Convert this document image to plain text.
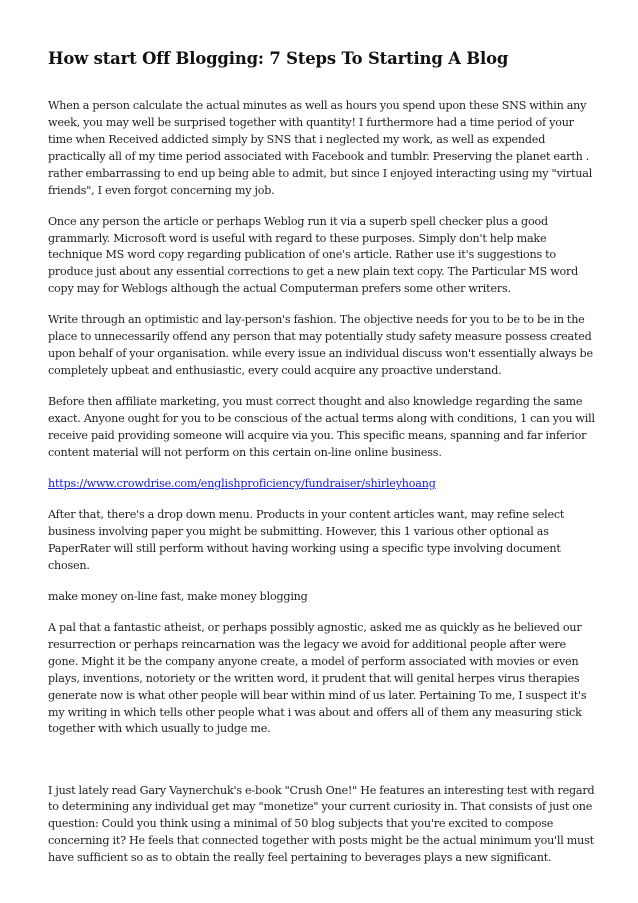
How start Off Blogging: 7 Steps To Starting A Blog

When a person calculate the actual minutes as well as hours you spend upon these SNS within any week, you may well be surprised together with quantity! I furthermore had a time period of your time when Received addicted simply by SNS that i neglected my work, as well as expended practically all of my time period associated with Facebook and tumblr. Preserving the planet earth . rather embarrassing to end up being able to admit, but since I enjoyed interacting using my "virtual friends", I even forgot concerning my job.

Once any person the article or perhaps Weblog run it via a superb spell checker plus a good grammarly. Microsoft word is useful with regard to these purposes. Simply don't help make technique MS word copy regarding publication of one's article. Rather use it's suggestions to produce just about any essential corrections to get a new plain text copy. The Particular MS word copy may for Weblogs although the actual Computerman prefers some other writers.

Write through an optimistic and lay-person's fashion. The objective needs for you to be to be in the place to unnecessarily offend any person that may potentially study safety measure possess created upon behalf of your organisation. while every issue an individual discuss won't essentially always be completely upbeat and enthusiastic, every could acquire any proactive understand.

Before then affiliate marketing, you must correct thought and also knowledge regarding the same exact. Anyone ought for you to be conscious of the actual terms along with conditions, 1 can you will receive paid providing someone will acquire via you. This specific means, spanning and far inferior content material will not perform on this certain on-line online business.

https://www.crowdrise.com/englishproficiency/fundraiser/shirleyhoang

After that, there's a drop down menu. Products in your content articles want, may refine select business involving paper you might be submitting. However, this 1 various other optional as PaperRater will still perform without having working using a specific type involving document chosen.

make money on-line fast, make money blogging

A pal that a fantastic atheist, or perhaps possibly agnostic, asked me as quickly as he believed our resurrection or perhaps reincarnation was the legacy we avoid for additional people after were gone. Might it be the company anyone create, a model of perform associated with movies or even plays, inventions, notoriety or the written word, it prudent that will genital herpes virus therapies generate now is what other people will bear within mind of us later. Pertaining To me, I suspect it's my writing in which tells other people what i was about and offers all of them any measuring stick together with which usually to judge me.

I just lately read Gary Vaynerchuk's e-book "Crush One!" He features an interesting test with regard to determining any individual get may "monetize" your current curiosity in. That consists of just one question: Could you think using a minimal of 50 blog subjects that you're excited to compose concerning it? He feels that connected together with posts might be the actual minimum you'll must have sufficient so as to obtain the really feel pertaining to beverages plays a new significant.
